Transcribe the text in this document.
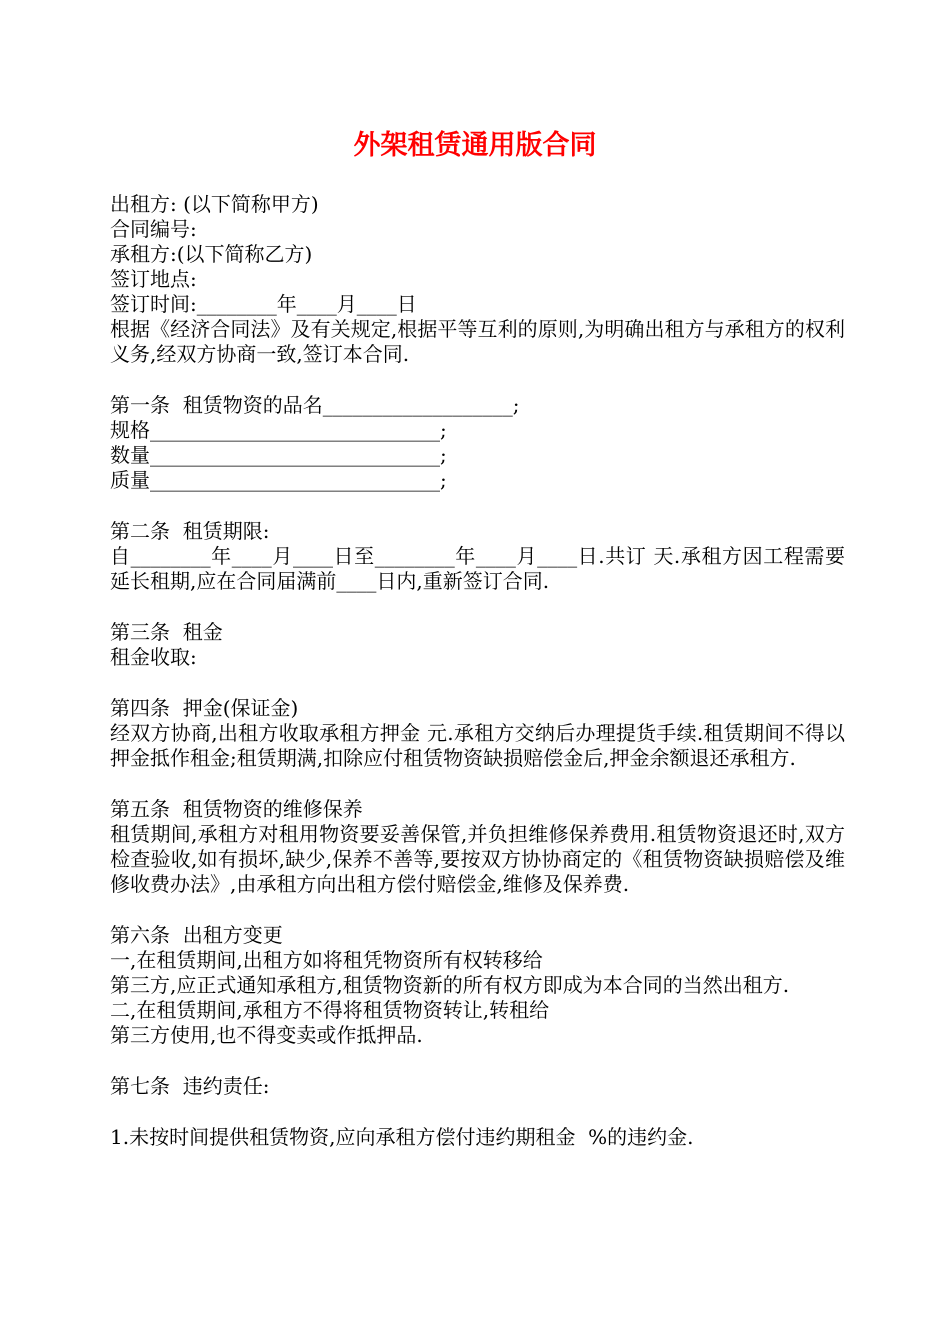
外架租赁通用版合同
出租方: (以下简称甲方)
合同编号:
承租方:(以下简称乙方)
签订地点:
签订时间:________年____月____日
根据《经济合同法》及有关规定,根据平等互利的原则,为明确出租方与承租方的权利义务,经双方协商一致,签订本合同.
第一条  租赁物资的品名___________________;
规格_____________________________;
数量_____________________________;
质量_____________________________;
第二条  租赁期限:
自________年____月____日至________年____月____日.共订 天.承租方因工程需要延长租期,应在合同届满前____日内,重新签订合同.
第三条  租金
租金收取:
第四条  押金(保证金)
经双方协商,出租方收取承租方押金 元.承租方交纳后办理提货手续.租赁期间不得以押金抵作租金;租赁期满,扣除应付租赁物资缺损赔偿金后,押金余额退还承租方.
第五条  租赁物资的维修保养
租赁期间,承租方对租用物资要妥善保管,并负担维修保养费用.租赁物资退还时,双方检查验收,如有损坏,缺少,保养不善等,要按双方协协商定的《租赁物资缺损赔偿及维修收费办法》,由承租方向出租方偿付赔偿金,维修及保养费.
第六条  出租方变更
一,在租赁期间,出租方如将租凭物资所有权转移给
第三方,应正式通知承租方,租赁物资新的所有权方即成为本合同的当然出租方.
二,在租赁期间,承租方不得将租赁物资转让,转租给
第三方使用,也不得变卖或作抵押品.
第七条  违约责任:
1.未按时间提供租赁物资,应向承租方偿付违约期租金  %的违约金.
